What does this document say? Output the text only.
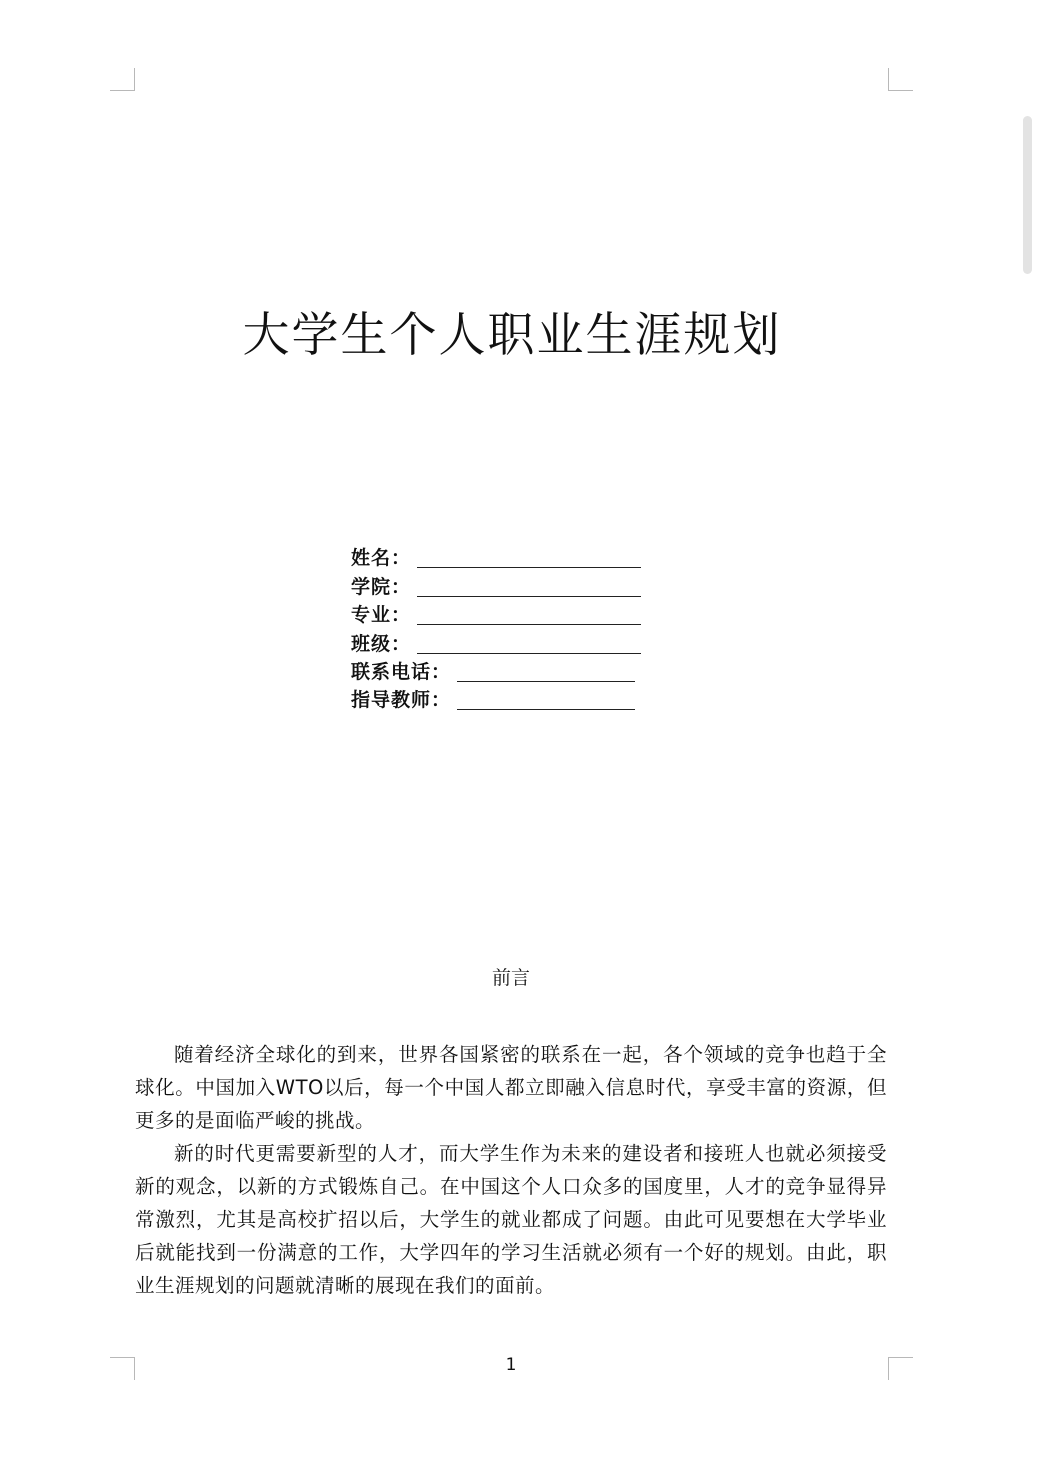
大学生个人职业生涯规划
姓名：
学院：
专业：
班级：
联系电话：
指导教师：
前言

随着经济全球化的到来，世界各国紧密的联系在一起，各个领域的竞争也趋于全球化。中国加入WTO以后，每一个中国人都立即融入信息时代，享受丰富的资源，但更多的是面临严峻的挑战。

新的时代更需要新型的人才，而大学生作为未来的建设者和接班人也就必须接受新的观念，以新的方式锻炼自己。在中国这个人口众多的国度里，人才的竞争显得异常激烈，尤其是高校扩招以后，大学生的就业都成了问题。由此可见要想在大学毕业后就能找到一份满意的工作，大学四年的学习生活就必须有一个好的规划。由此，职业生涯规划的问题就清晰的展现在我们的面前。

1
